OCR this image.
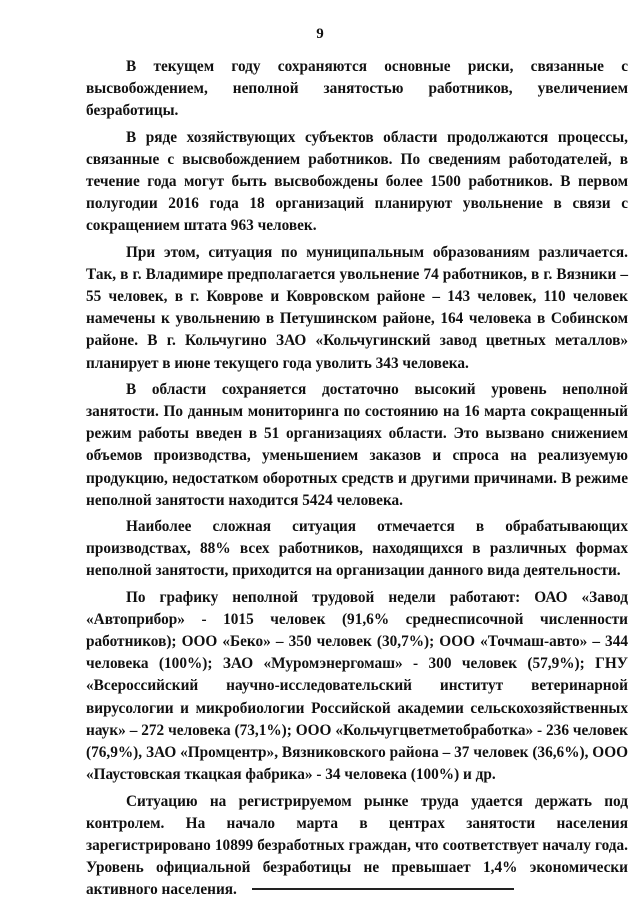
9

В текущем году сохраняются основные риски, связанные с высвобождением, неполной занятостью работников, увеличением безработицы.

В ряде хозяйствующих субъектов области продолжаются процессы, связанные с высвобождением работников. По сведениям работодателей, в течение года могут быть высвобождены более 1500 работников. В первом полугодии 2016 года 18 организаций планируют увольнение в связи с сокращением штата 963 человек.

При этом, ситуация по муниципальным образованиям различается. Так, в г. Владимире предполагается увольнение 74 работников, в г. Вязники – 55 человек, в г. Коврове и Ковровском районе – 143 человек, 110 человек намечены к увольнению в Петушинском районе, 164 человека в Собинском районе. В г. Кольчугино ЗАО «Кольчугинский завод цветных металлов» планирует в июне текущего года уволить 343 человека.

В области сохраняется достаточно высокий уровень неполной занятости. По данным мониторинга по состоянию на 16 марта сокращенный режим работы введен в 51 организациях области. Это вызвано снижением объемов производства, уменьшением заказов и спроса на реализуемую продукцию, недостатком оборотных средств и другими причинами. В режиме неполной занятости находится 5424 человека.

Наиболее сложная ситуация отмечается в обрабатывающих производствах, 88% всех работников, находящихся в различных формах неполной занятости, приходится на организации данного вида деятельности.

По графику неполной трудовой недели работают: ОАО «Завод «Автоприбор» - 1015 человек (91,6% среднесписочной численности работников); ООО «Беко» – 350 человек (30,7%); ООО «Точмаш-авто» – 344 человека (100%); ЗАО «Муромэнергомаш» - 300 человек (57,9%); ГНУ «Всероссийский научно-исследовательский институт ветеринарной вирусологии и микробиологии Российской академии сельскохозяйственных наук» – 272 человека (73,1%); ООО «Кольчугцветметобработка» - 236 человек (76,9%), ЗАО «Промцентр», Вязниковского района – 37 человек (36,6%), ООО «Паустовская ткацкая фабрика» - 34 человека (100%) и др.

Ситуацию на регистрируемом рынке труда удается держать под контролем. На начало марта в центрах занятости населения зарегистрировано 10899 безработных граждан, что соответствует началу года. Уровень официальной безработицы не превышает 1,4% экономически активного населения.
